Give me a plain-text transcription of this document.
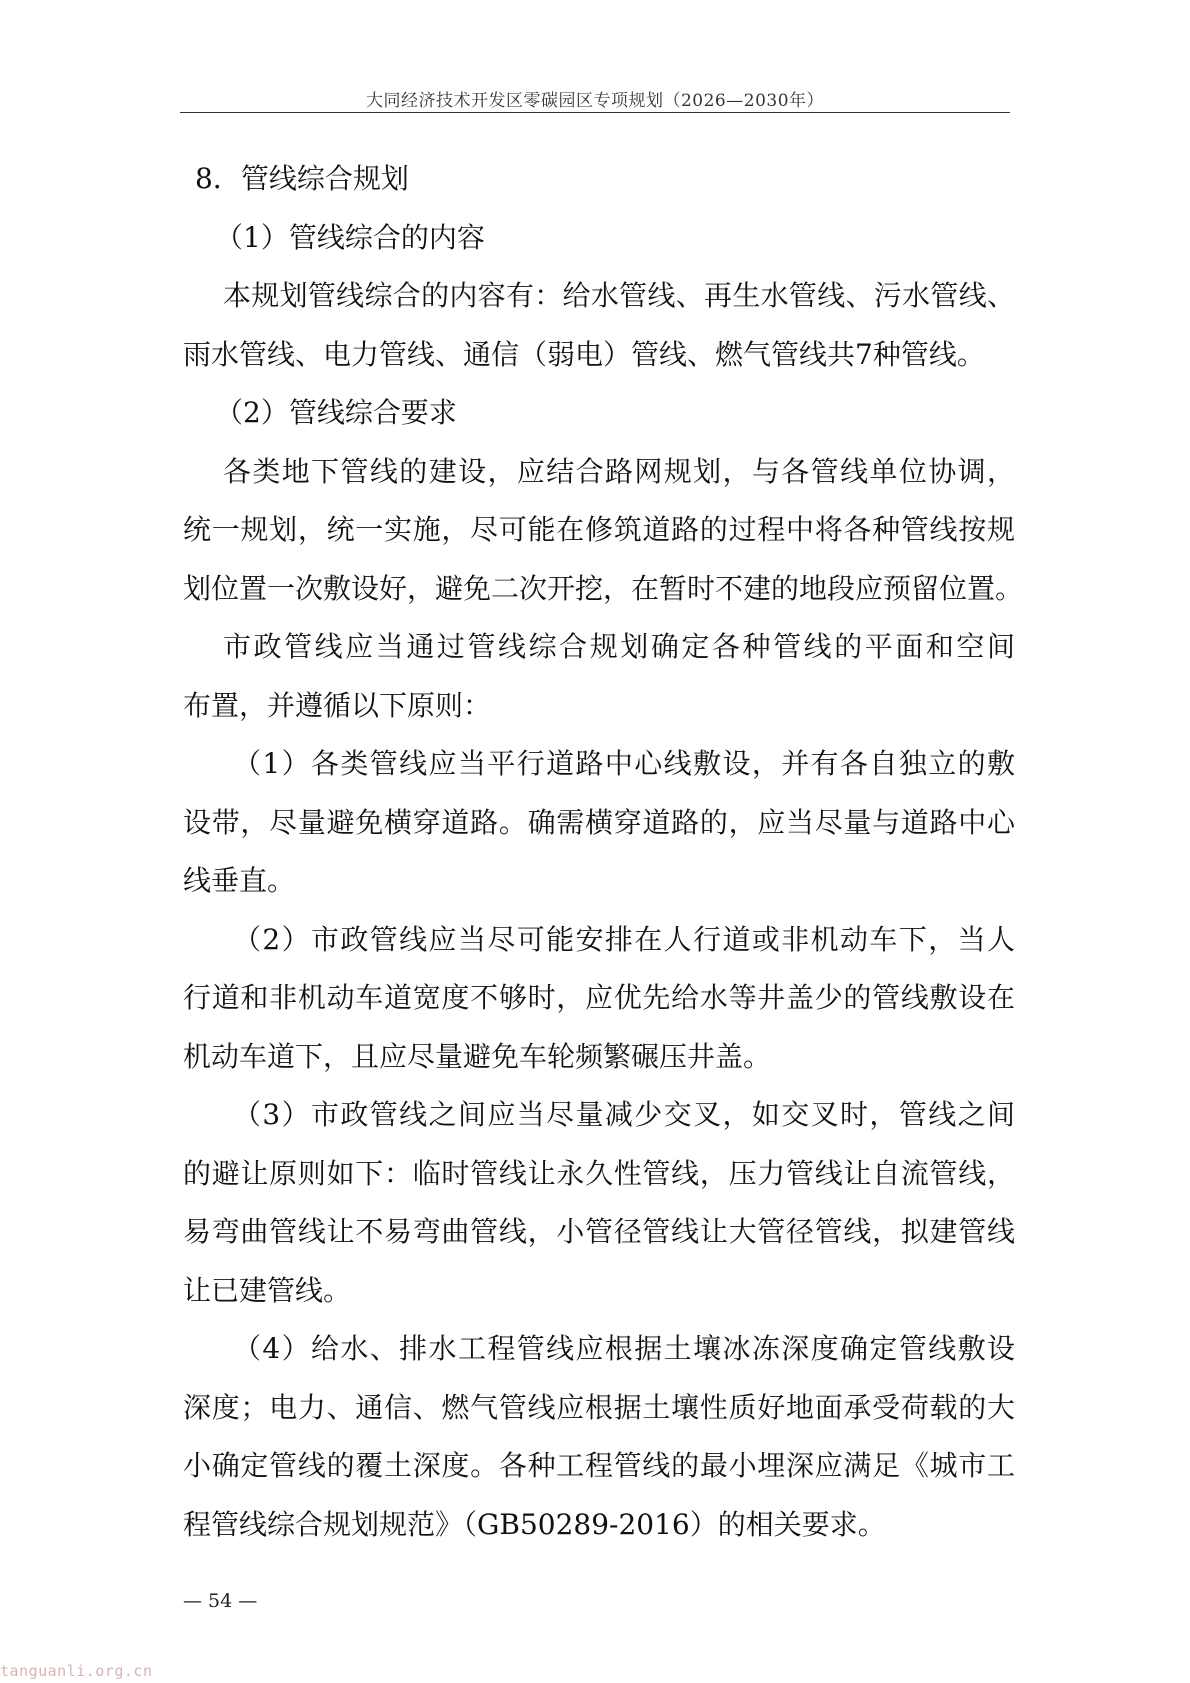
大同经济技术开发区零碳园区专项规划（2026—2030年）
8．管线综合规划
（1）管线综合的内容
本规划管线综合的内容有：给水管线、再生水管线、污水管线、
雨水管线、电力管线、通信（弱电）管线、燃气管线共7种管线。
（2）管线综合要求
各类地下管线的建设，应结合路网规划，与各管线单位协调，
统一规划，统一实施，尽可能在修筑道路的过程中将各种管线按规
划位置一次敷设好，避免二次开挖，在暂时不建的地段应预留位置。
市政管线应当通过管线综合规划确定各种管线的平面和空间
布置，并遵循以下原则：
（1）各类管线应当平行道路中心线敷设，并有各自独立的敷
设带，尽量避免横穿道路。确需横穿道路的，应当尽量与道路中心
线垂直。
（2）市政管线应当尽可能安排在人行道或非机动车下，当人
行道和非机动车道宽度不够时，应优先给水等井盖少的管线敷设在
机动车道下，且应尽量避免车轮频繁碾压井盖。
（3）市政管线之间应当尽量减少交叉，如交叉时，管线之间
的避让原则如下：临时管线让永久性管线，压力管线让自流管线，
易弯曲管线让不易弯曲管线，小管径管线让大管径管线，拟建管线
让已建管线。
（4）给水、排水工程管线应根据土壤冰冻深度确定管线敷设
深度；电力、通信、燃气管线应根据土壤性质好地面承受荷载的大
小确定管线的覆土深度。各种工程管线的最小埋深应满足《城市工
程管线综合规划规范》（GB50289-2016）的相关要求。
— 54 —
tanguanli.org.cn
